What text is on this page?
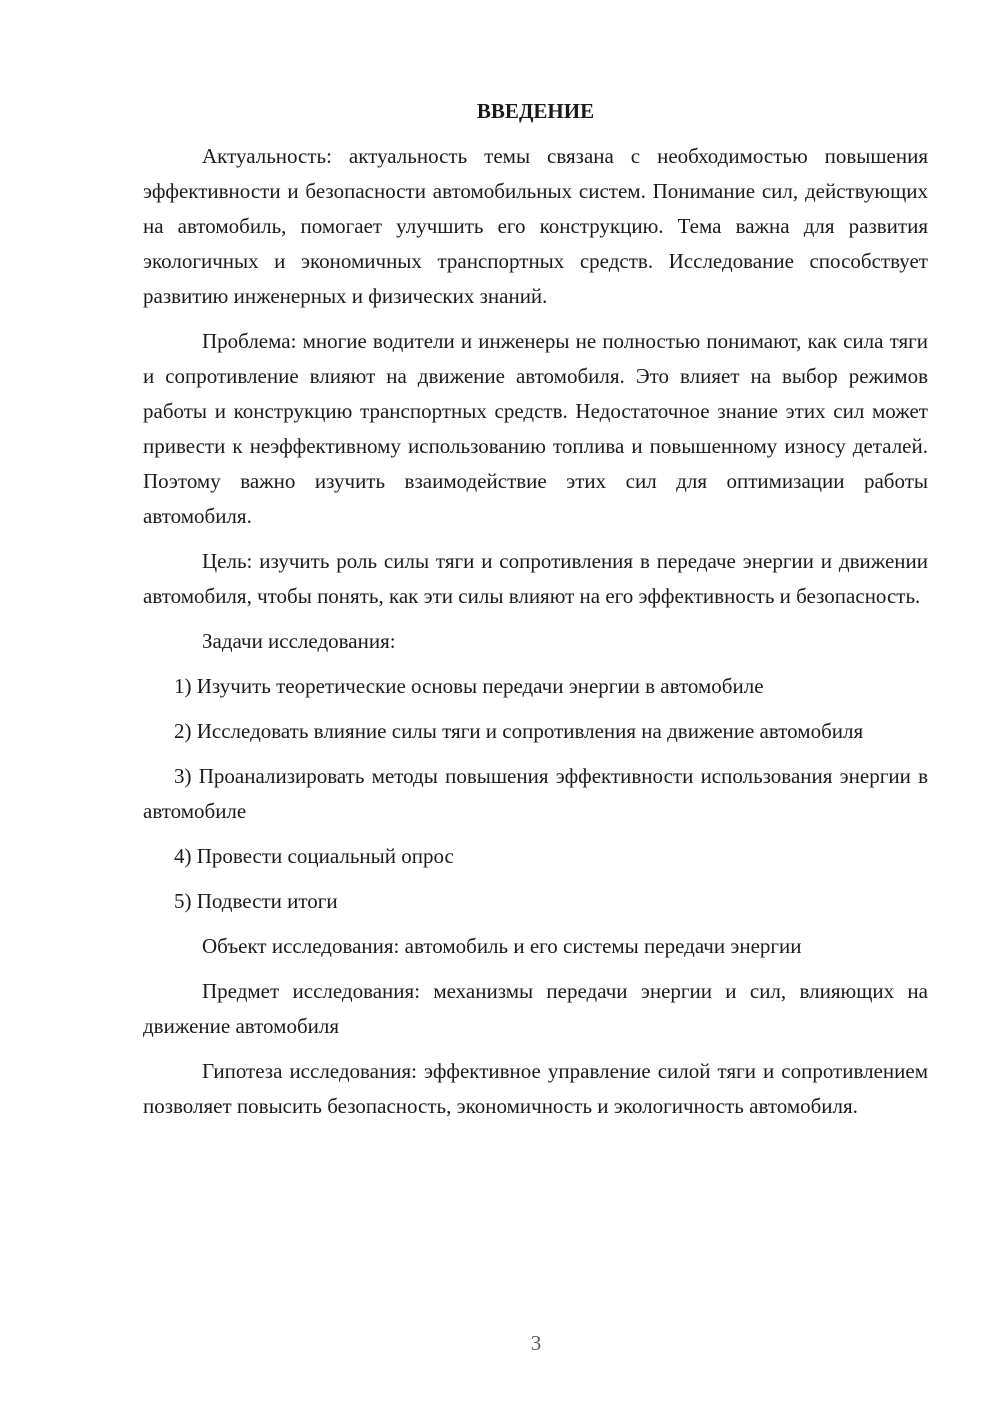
ВВЕДЕНИЕ

Актуальность: актуальность темы связана с необходимостью повышения эффективности и безопасности автомобильных систем. Понимание сил, действующих на автомобиль, помогает улучшить его конструкцию. Тема важна для развития экологичных и экономичных транспортных средств. Исследование способствует развитию инженерных и физических знаний.

Проблема: многие водители и инженеры не полностью понимают, как сила тяги и сопротивление влияют на движение автомобиля. Это влияет на выбор режимов работы и конструкцию транспортных средств. Недостаточное знание этих сил может привести к неэффективному использованию топлива и повышенному износу деталей. Поэтому важно изучить взаимодействие этих сил для оптимизации работы автомобиля.

Цель: изучить роль силы тяги и сопротивления в передаче энергии и движении автомобиля, чтобы понять, как эти силы влияют на его эффективность и безопасность.

Задачи исследования:

1) Изучить теоретические основы передачи энергии в автомобиле

2) Исследовать влияние силы тяги и сопротивления на движение автомобиля

3) Проанализировать методы повышения эффективности использования энергии в автомобиле

4) Провести социальный опрос

5) Подвести итоги

Объект исследования: автомобиль и его системы передачи энергии

Предмет исследования: механизмы передачи энергии и сил, влияющих на движение автомобиля

Гипотеза исследования: эффективное управление силой тяги и сопротивлением позволяет повысить безопасность, экономичность и экологичность автомобиля.

3
